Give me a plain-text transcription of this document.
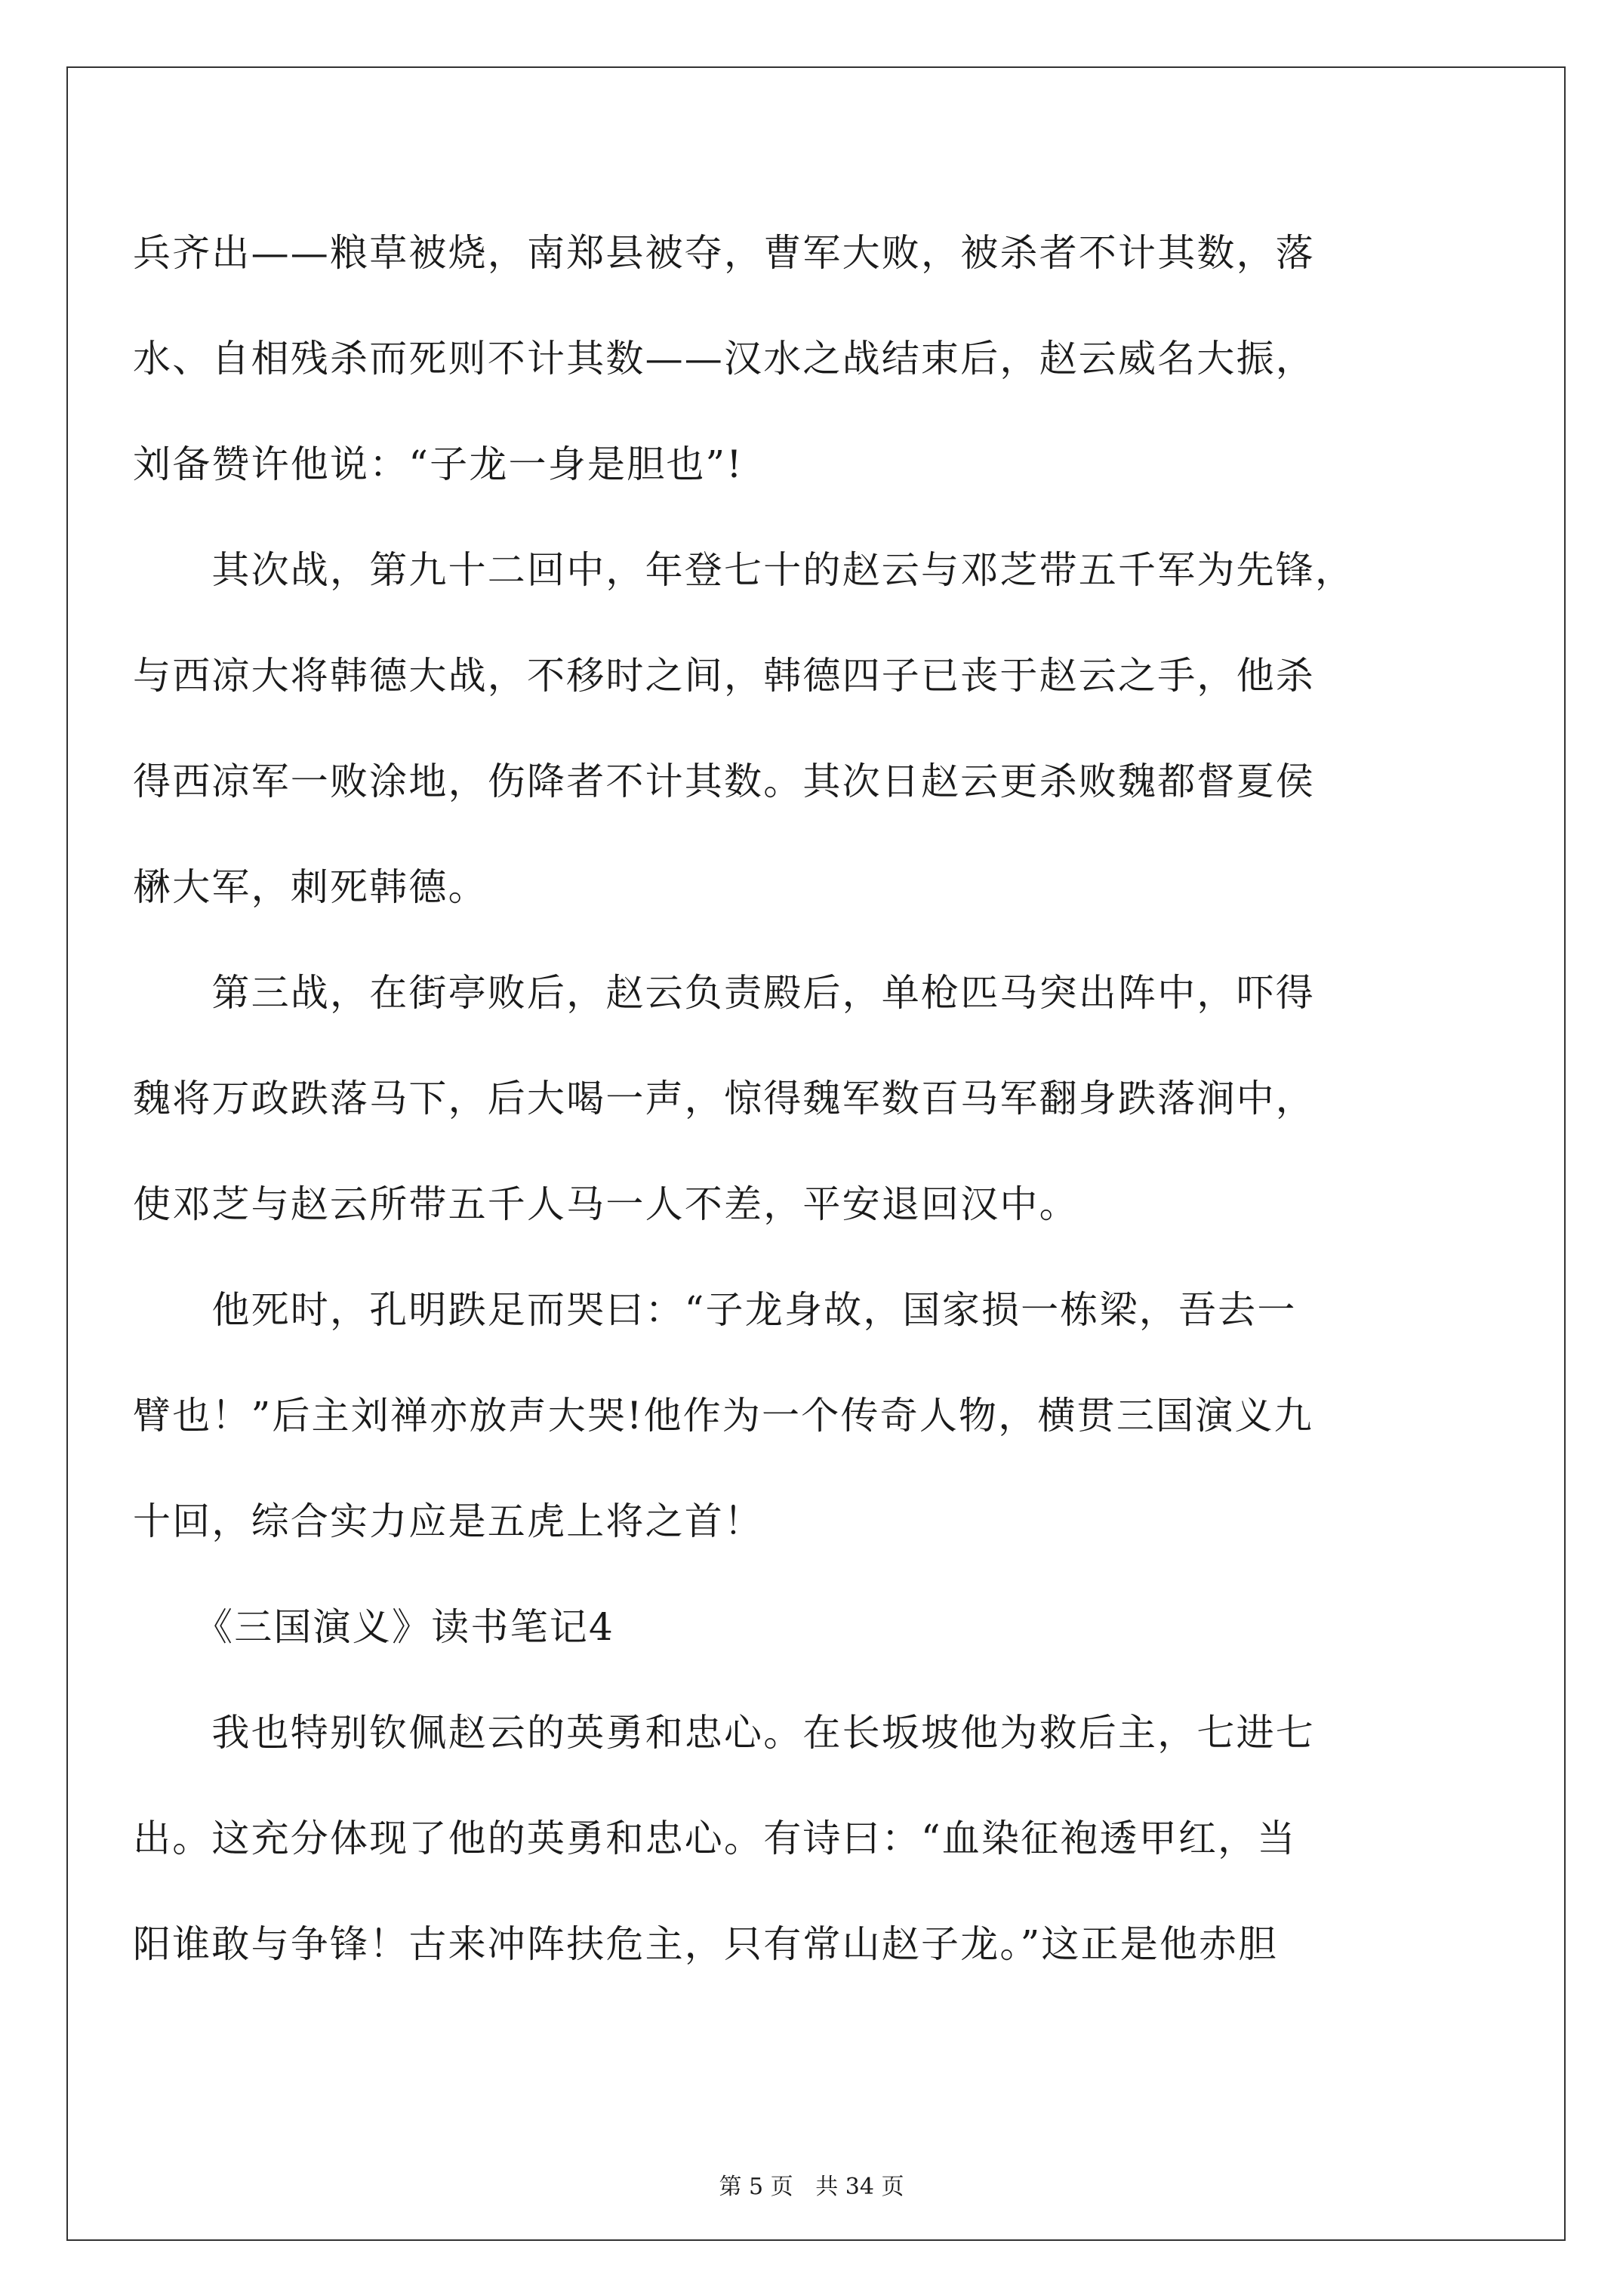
兵齐出——粮草被烧，南郑县被夺，曹军大败，被杀者不计其数，落
水、自相残杀而死则不计其数——汉水之战结束后，赵云威名大振，
刘备赞许他说：“子龙一身是胆也”!
　　其次战，第九十二回中，年登七十的赵云与邓芝带五千军为先锋，
与西凉大将韩德大战，不移时之间，韩德四子已丧于赵云之手，他杀
得西凉军一败涂地，伤降者不计其数。其次日赵云更杀败魏都督夏侯
楙大军，刺死韩德。
　　第三战，在街亭败后，赵云负责殿后，单枪匹马突出阵中，吓得
魏将万政跌落马下，后大喝一声，惊得魏军数百马军翻身跌落涧中，
使邓芝与赵云所带五千人马一人不差，平安退回汉中。
　　他死时，孔明跌足而哭曰：“子龙身故，国家损一栋梁，吾去一
臂也！”后主刘禅亦放声大哭!他作为一个传奇人物，横贯三国演义九
十回，综合实力应是五虎上将之首！
《三国演义》读书笔记4
　　我也特别钦佩赵云的英勇和忠心。在长坂坡他为救后主，七进七
出。这充分体现了他的英勇和忠心。有诗曰：“血染征袍透甲红，当
阳谁敢与争锋！古来冲阵扶危主，只有常山赵子龙。”这正是他赤胆
第 5 页 共 34 页
